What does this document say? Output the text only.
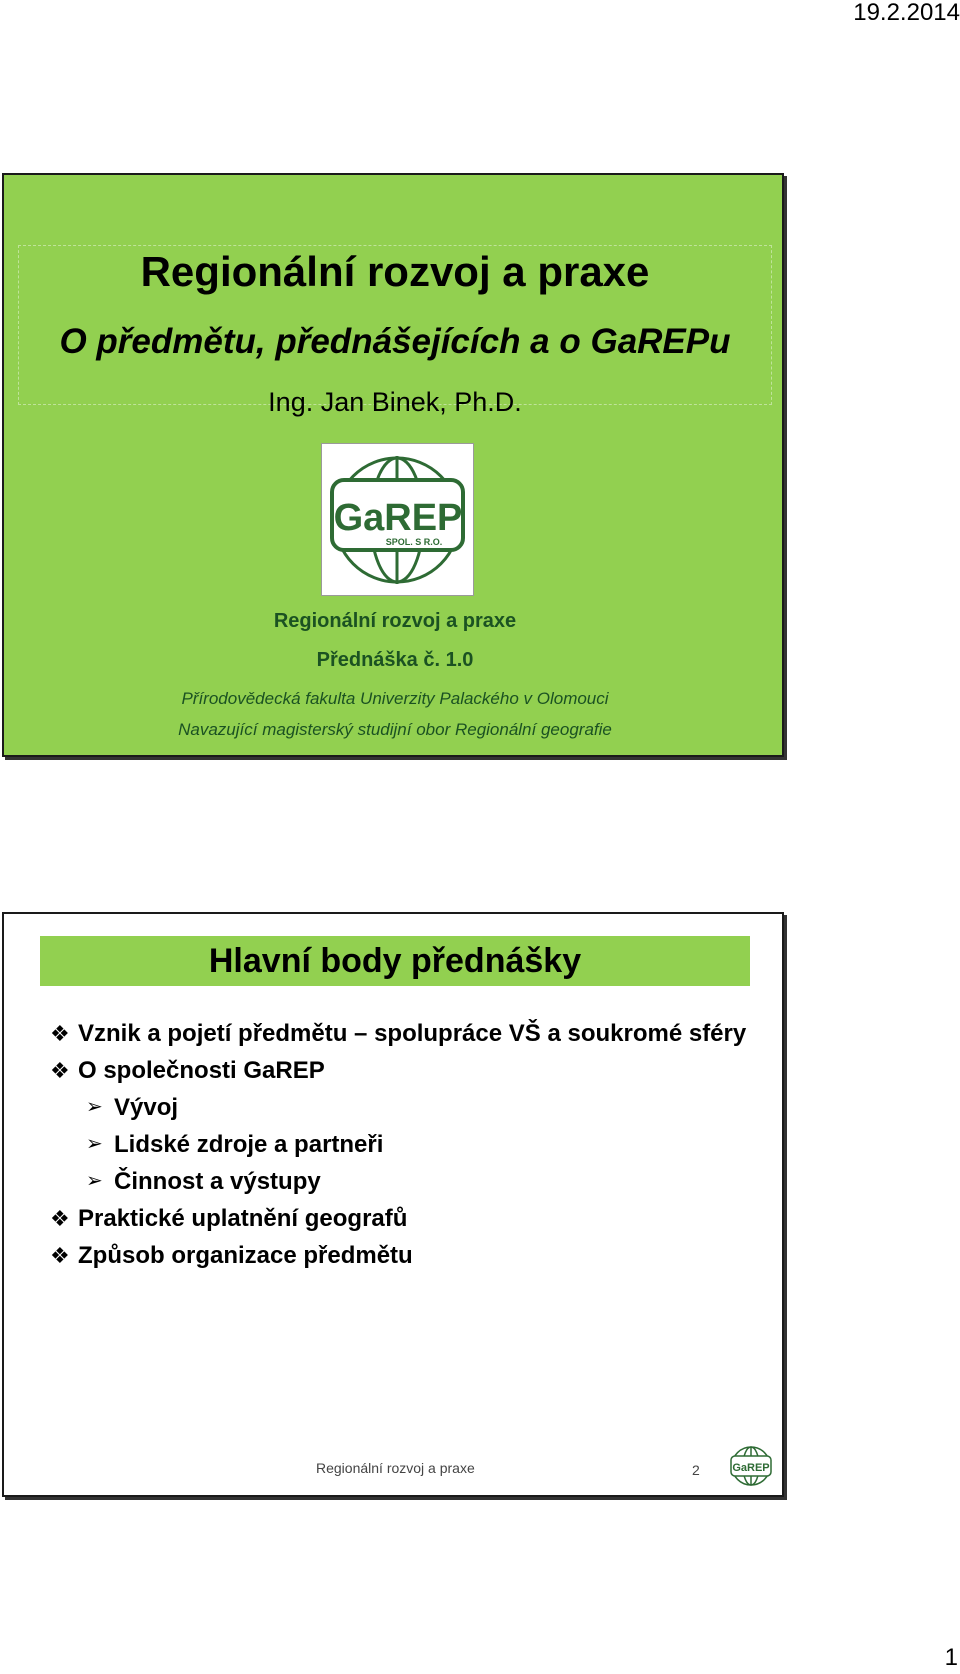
19.2.2014
Regionální rozvoj a praxe
O předmětu, přednášejících a o GaREPu
Ing. Jan Binek, Ph.D.
GaREP
SPOL. S R.O.
Regionální rozvoj a praxe
Přednáška č. 1.0
Přírodovědecká fakulta Univerzity Palackého v Olomouci
Navazující magisterský studijní obor Regionální geografie
Hlavní body přednášky
❖ Vznik a pojetí předmětu – spolupráce VŠ a soukromé sféry
❖ O společnosti GaREP
➢ Vývoj
➢ Lidské zdroje a partneři
➢ Činnost a výstupy
❖ Praktické uplatnění geografů
❖ Způsob organizace předmětu
Regionální rozvoj a praxe	2	GaREP
1
